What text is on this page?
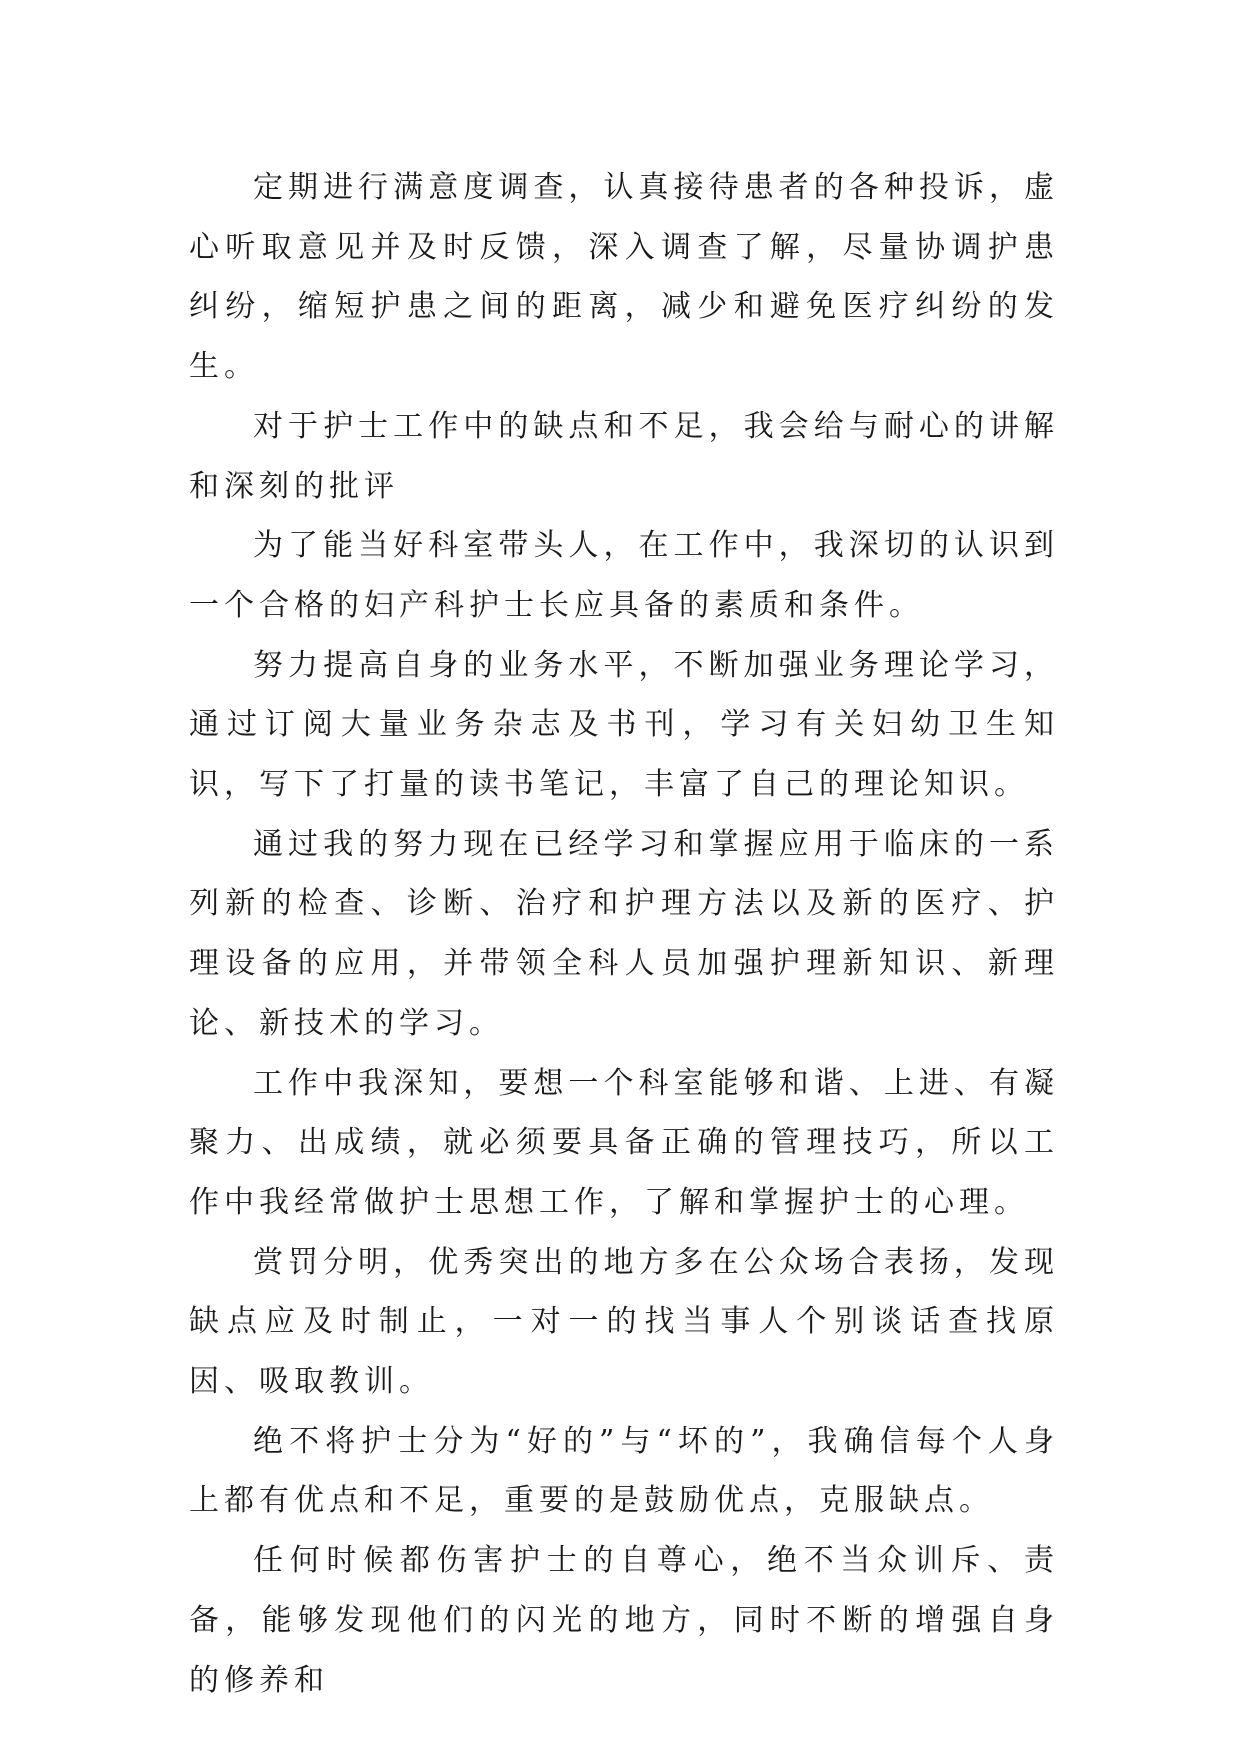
定期进行满意度调查，认真接待患者的各种投诉，虚心听取意见并及时反馈，深入调查了解，尽量协调护患纠纷，缩短护患之间的距离，减少和避免医疗纠纷的发生。

对于护士工作中的缺点和不足，我会给与耐心的讲解和深刻的批评

为了能当好科室带头人，在工作中，我深切的认识到一个合格的妇产科护士长应具备的素质和条件。

努力提高自身的业务水平，不断加强业务理论学习，通过订阅大量业务杂志及书刊，学习有关妇幼卫生知识，写下了打量的读书笔记，丰富了自己的理论知识。

通过我的努力现在已经学习和掌握应用于临床的一系列新的检查、诊断、治疗和护理方法以及新的医疗、护理设备的应用，并带领全科人员加强护理新知识、新理论、新技术的学习。

工作中我深知，要想一个科室能够和谐、上进、有凝聚力、出成绩，就必须要具备正确的管理技巧，所以工作中我经常做护士思想工作，了解和掌握护士的心理。

赏罚分明，优秀突出的地方多在公众场合表扬，发现缺点应及时制止，一对一的找当事人个别谈话查找原因、吸取教训。

绝不将护士分为“好的”与“坏的”，我确信每个人身上都有优点和不足，重要的是鼓励优点，克服缺点。

任何时候都伤害护士的自尊心，绝不当众训斥、责备，能够发现他们的闪光的地方，同时不断的增强自身的修养和
